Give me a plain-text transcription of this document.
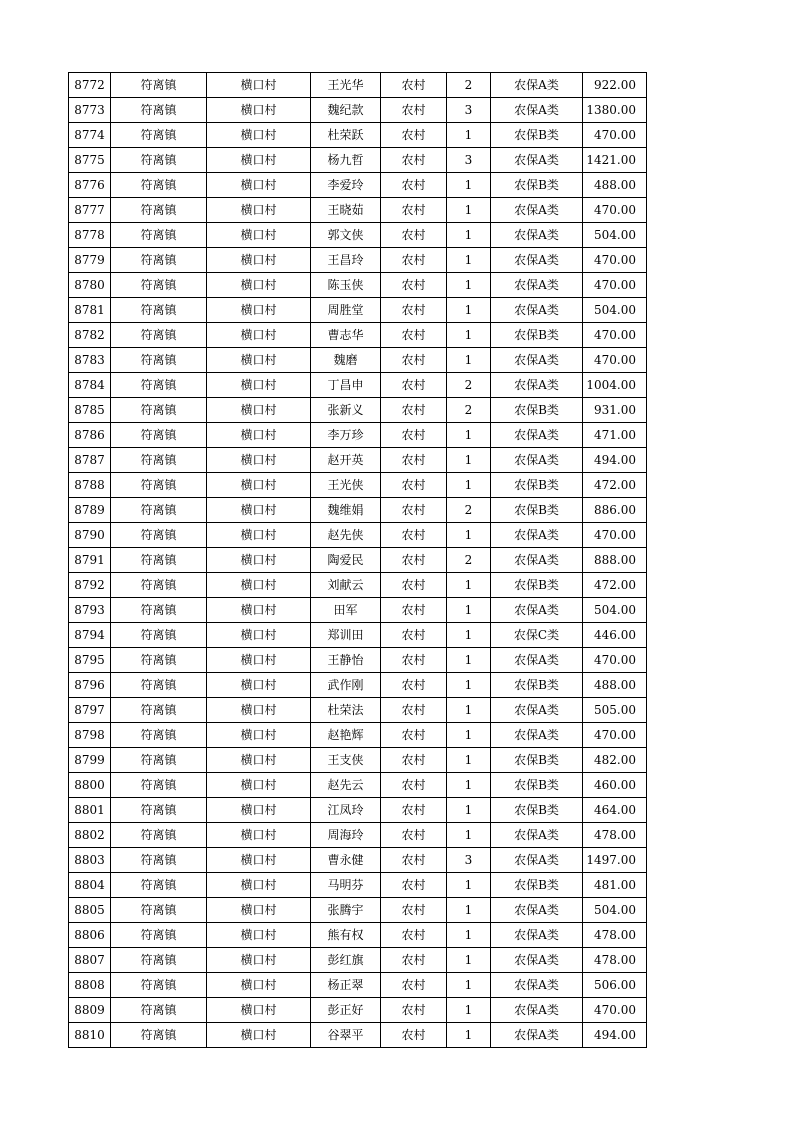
8772	符离镇	横口村	王光华	农村	2	农保A类	922.00
8773	符离镇	横口村	魏纪款	农村	3	农保A类	1380.00
8774	符离镇	横口村	杜荣跃	农村	1	农保B类	470.00
8775	符离镇	横口村	杨九哲	农村	3	农保A类	1421.00
8776	符离镇	横口村	李爱玲	农村	1	农保B类	488.00
8777	符离镇	横口村	王晓茹	农村	1	农保A类	470.00
8778	符离镇	横口村	郭文侠	农村	1	农保A类	504.00
8779	符离镇	横口村	王昌玲	农村	1	农保A类	470.00
8780	符离镇	横口村	陈玉侠	农村	1	农保A类	470.00
8781	符离镇	横口村	周胜堂	农村	1	农保A类	504.00
8782	符离镇	横口村	曹志华	农村	1	农保B类	470.00
8783	符离镇	横口村	魏磨	农村	1	农保A类	470.00
8784	符离镇	横口村	丁昌申	农村	2	农保A类	1004.00
8785	符离镇	横口村	张新义	农村	2	农保B类	931.00
8786	符离镇	横口村	李万珍	农村	1	农保A类	471.00
8787	符离镇	横口村	赵开英	农村	1	农保A类	494.00
8788	符离镇	横口村	王光侠	农村	1	农保B类	472.00
8789	符离镇	横口村	魏维娟	农村	2	农保B类	886.00
8790	符离镇	横口村	赵先侠	农村	1	农保A类	470.00
8791	符离镇	横口村	陶爱民	农村	2	农保A类	888.00
8792	符离镇	横口村	刘献云	农村	1	农保B类	472.00
8793	符离镇	横口村	田军	农村	1	农保A类	504.00
8794	符离镇	横口村	郑训田	农村	1	农保C类	446.00
8795	符离镇	横口村	王静怡	农村	1	农保A类	470.00
8796	符离镇	横口村	武作刚	农村	1	农保B类	488.00
8797	符离镇	横口村	杜荣法	农村	1	农保A类	505.00
8798	符离镇	横口村	赵艳辉	农村	1	农保A类	470.00
8799	符离镇	横口村	王支侠	农村	1	农保B类	482.00
8800	符离镇	横口村	赵先云	农村	1	农保B类	460.00
8801	符离镇	横口村	江凤玲	农村	1	农保B类	464.00
8802	符离镇	横口村	周海玲	农村	1	农保A类	478.00
8803	符离镇	横口村	曹永健	农村	3	农保A类	1497.00
8804	符离镇	横口村	马明芬	农村	1	农保B类	481.00
8805	符离镇	横口村	张腾宇	农村	1	农保A类	504.00
8806	符离镇	横口村	熊有权	农村	1	农保A类	478.00
8807	符离镇	横口村	彭红旗	农村	1	农保A类	478.00
8808	符离镇	横口村	杨正翠	农村	1	农保A类	506.00
8809	符离镇	横口村	彭正好	农村	1	农保A类	470.00
8810	符离镇	横口村	谷翠平	农村	1	农保A类	494.00
